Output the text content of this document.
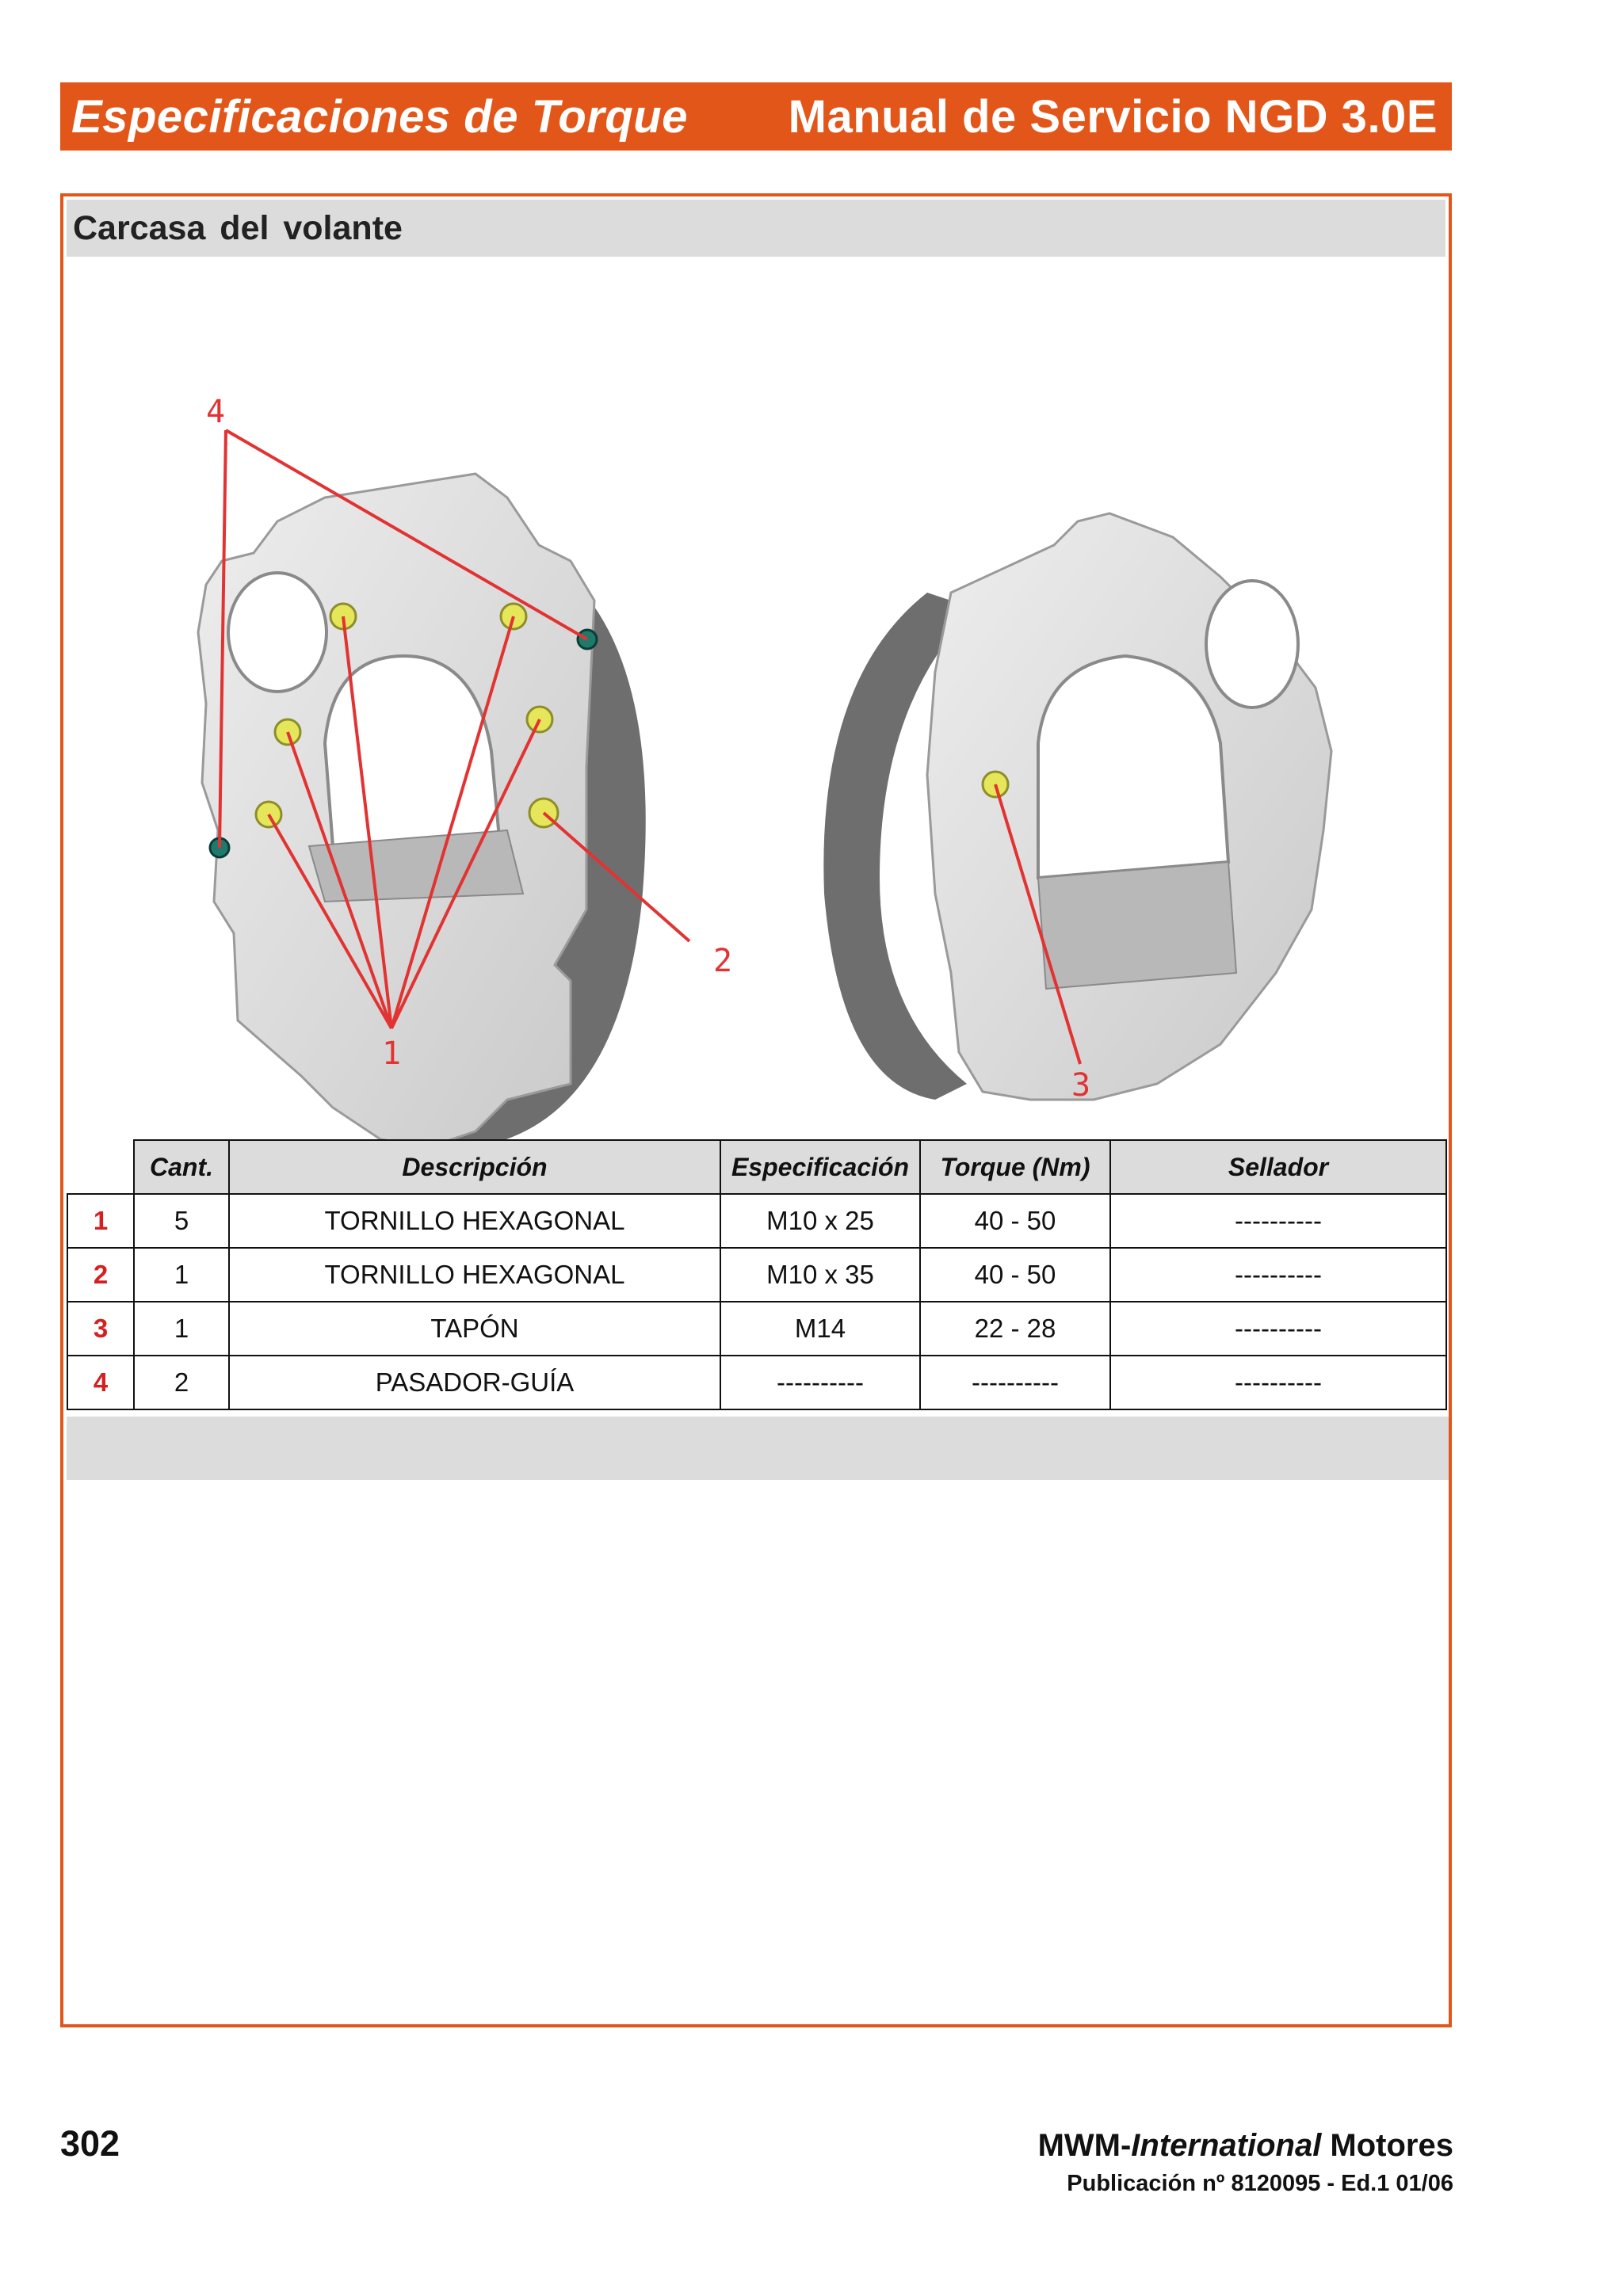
Especificaciones de Torque Manual de Servicio NGD 3.0E
Carcasa del volante
4
1
2
3
	Cant.	Descripción	Especificación	Torque (Nm)	Sellador
1	5	TORNILLO HEXAGONAL	M10 x 25	40 - 50	----------
2	1	TORNILLO HEXAGONAL	M10 x 35	40 - 50	----------
3	1	TAPÓN	M14	22 - 28	----------
4	2	PASADOR-GUÍA	----------	----------	----------
302	MWM-International Motores
Publicación nº 8120095 - Ed.1 01/06
